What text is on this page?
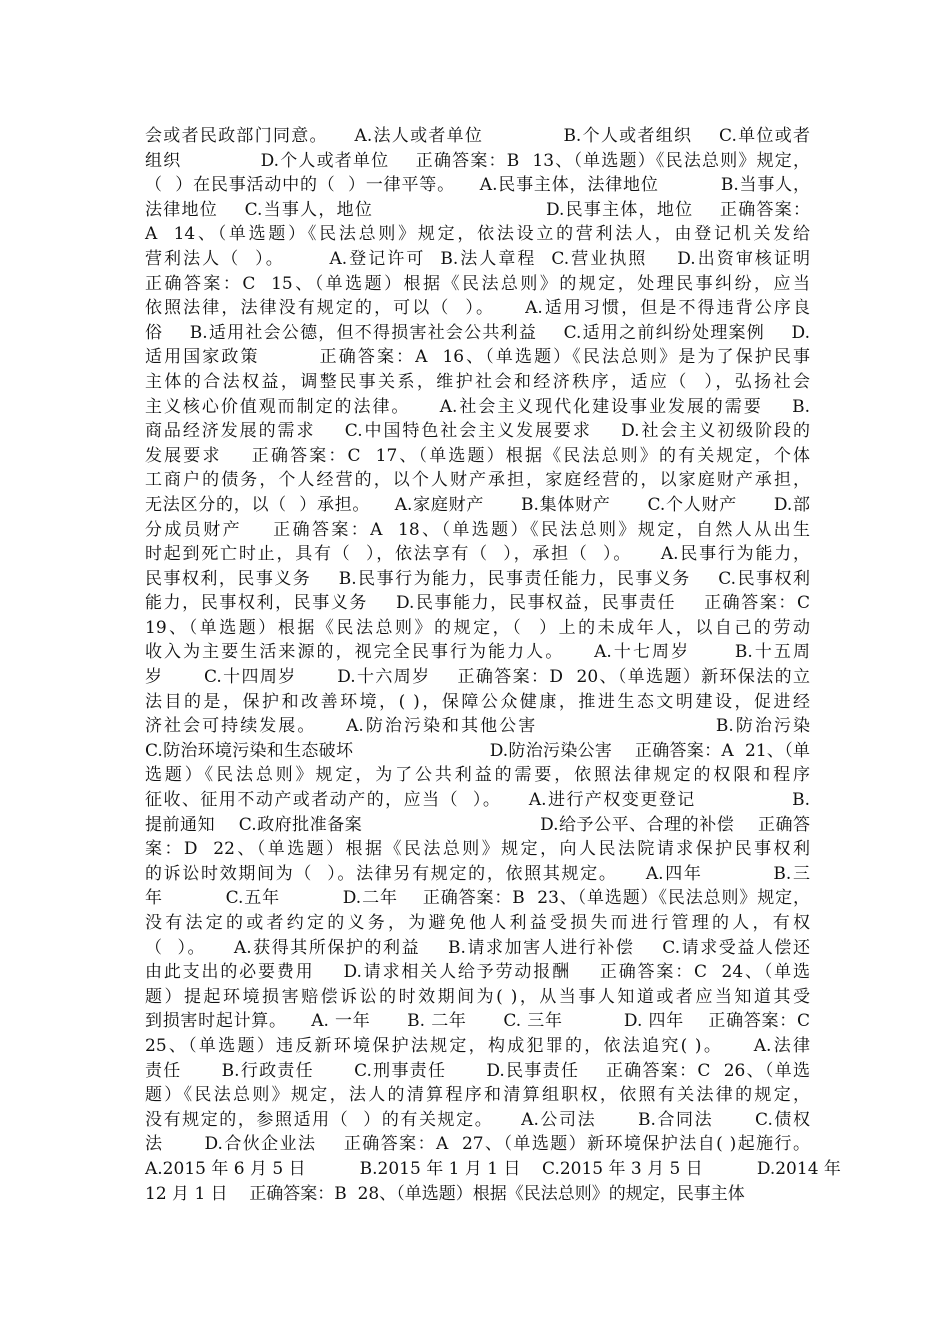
会或者民政部门同意。    A.法人或者单位            B.个人或者组织    C.单位或者
组织            D.个人或者单位    正确答案：B  13、（单选题）《民法总则》规定，
（  ）在民事活动中的（  ）一律平等。    A.民事主体，法律地位          B.当事人，
法律地位    C.当事人，地位                          D.民事主体，地位    正确答案：
A  14、（单选题）《民法总则》规定，依法设立的营利法人，由登记机关发给
营利法人（  ）。      A.登记许可  B.法人章程  C.营业执照    D.出资审核证明
正确答案：C  15、（单选题）根据《民法总则》的规定，处理民事纠纷，应当
依照法律，法律没有规定的，可以（  ）。    A.适用习惯，但是不得违背公序良
俗    B.适用社会公德，但不得损害社会公共利益    C.适用之前纠纷处理案例    D.
适用国家政策        正确答案：A  16、（单选题）《民法总则》是为了保护民事
主体的合法权益，调整民事关系，维护社会和经济秩序，适应（  ），弘扬社会
主义核心价值观而制定的法律。    A.社会主义现代化建设事业发展的需要    B.
商品经济发展的需求    C.中国特色社会主义发展要求    D.社会主义初级阶段的
发展要求    正确答案：C  17、（单选题）根据《民法总则》的有关规定，个体
工商户的债务，个人经营的，以个人财产承担，家庭经营的，以家庭财产承担，
无法区分的，以（  ）承担。    A.家庭财产      B.集体财产      C.个人财产      D.部
分成员财产    正确答案：A  18、（单选题）《民法总则》规定，自然人从出生
时起到死亡时止，具有（  ），依法享有（  ），承担（  ）。    A.民事行为能力，
民事权利，民事义务    B.民事行为能力，民事责任能力，民事义务    C.民事权利
能力，民事权利，民事义务    D.民事能力，民事权益，民事责任    正确答案：C
19、（单选题）根据《民法总则》的规定，（  ）上的未成年人，以自己的劳动
收入为主要生活来源的，视完全民事行为能力人。    A.十七周岁      B.十五周
岁      C.十四周岁      D.十六周岁    正确答案：D  20、（单选题）新环保法的立
法目的是，保护和改善环境，( )，保障公众健康，推进生态文明建设，促进经
济社会可持续发展。    A.防治污染和其他公害                        B.防治污染
C.防治环境污染和生态破坏                        D.防治污染公害    正确答案：A  21、（单
选题）《民法总则》规定，为了公共利益的需要，依照法律规定的权限和程序
征收、征用不动产或者动产的，应当（  ）。    A.进行产权变更登记              B.
提前通知    C.政府批准备案                              D.给予公平、合理的补偿    正确答
案：D  22、（单选题）根据《民法总则》规定，向人民法院请求保护民事权利
的诉讼时效期间为（  ）。法律另有规定的，依照其规定。    A.四年          B.三
年          C.五年          D.二年    正确答案：B  23、（单选题）《民法总则》规定，
没有法定的或者约定的义务，为避免他人利益受损失而进行管理的人，有权
（  ）。    A.获得其所保护的利益    B.请求加害人进行补偿    C.请求受益人偿还
由此支出的必要费用    D.请求相关人给予劳动报酬    正确答案：C  24、（单选
题）提起环境损害赔偿诉讼的时效期间为( )，从当事人知道或者应当知道其受
到损害时起计算。    A. 一年      B. 二年      C. 三年          D. 四年    正确答案：C
25、（单选题）违反新环境保护法规定，构成犯罪的，依法追究( )。    A.法律
责任      B.行政责任      C.刑事责任      D.民事责任    正确答案：C  26、（单选
题）《民法总则》规定，法人的清算程序和清算组职权，依照有关法律的规定，
没有规定的，参照适用（  ）的有关规定。    A.公司法      B.合同法      C.债权
法      D.合伙企业法    正确答案：A  27、（单选题）新环境保护法自( )起施行。
A.2015 年 6 月 5 日          B.2015 年 1 月 1 日    C.2015 年 3 月 5 日          D.2014 年
12 月 1 日    正确答案：B  28、（单选题）根据《民法总则》的规定，民事主体
